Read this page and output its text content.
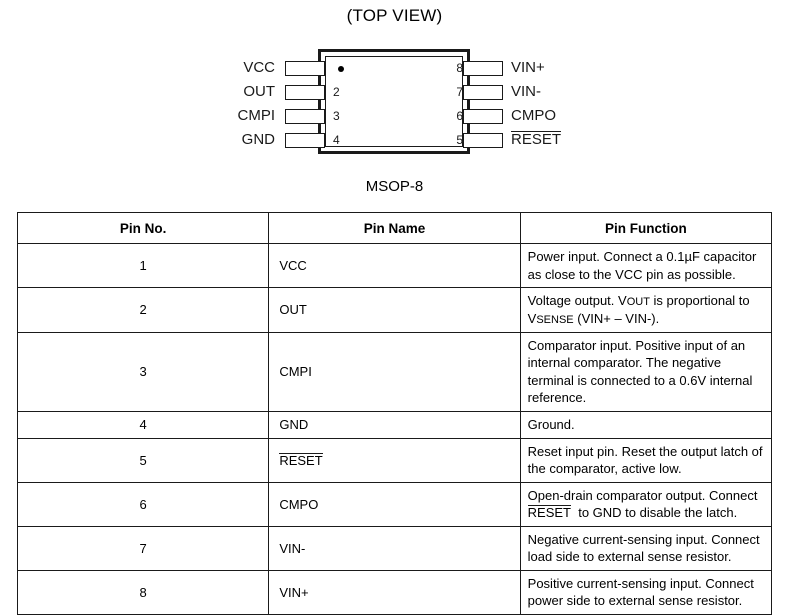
(TOP VIEW)
2
3
4
8
7
6
5
VCC
OUT
CMPI
GND
VIN+
VIN-
CMPO
RESET
MSOP-8
Pin No.	Pin Name	Pin Function
1	VCC	Power input. Connect a 0.1µF capacitor as close to the VCC pin as possible.
2	OUT	Voltage output. VOUT is proportional to VSENSE (VIN+ – VIN-).
3	CMPI	Comparator input. Positive input of an internal comparator. The negative terminal is connected to a 0.6V internal reference.
4	GND	Ground.
5	RESET	Reset input pin. Reset the output latch of the comparator, active low.
6	CMPO	Open-drain comparator output. Connect RESET  to GND to disable the latch.
7	VIN-	Negative current-sensing input. Connect load side to external sense resistor.
8	VIN+	Positive current-sensing input. Connect power side to external sense resistor.
